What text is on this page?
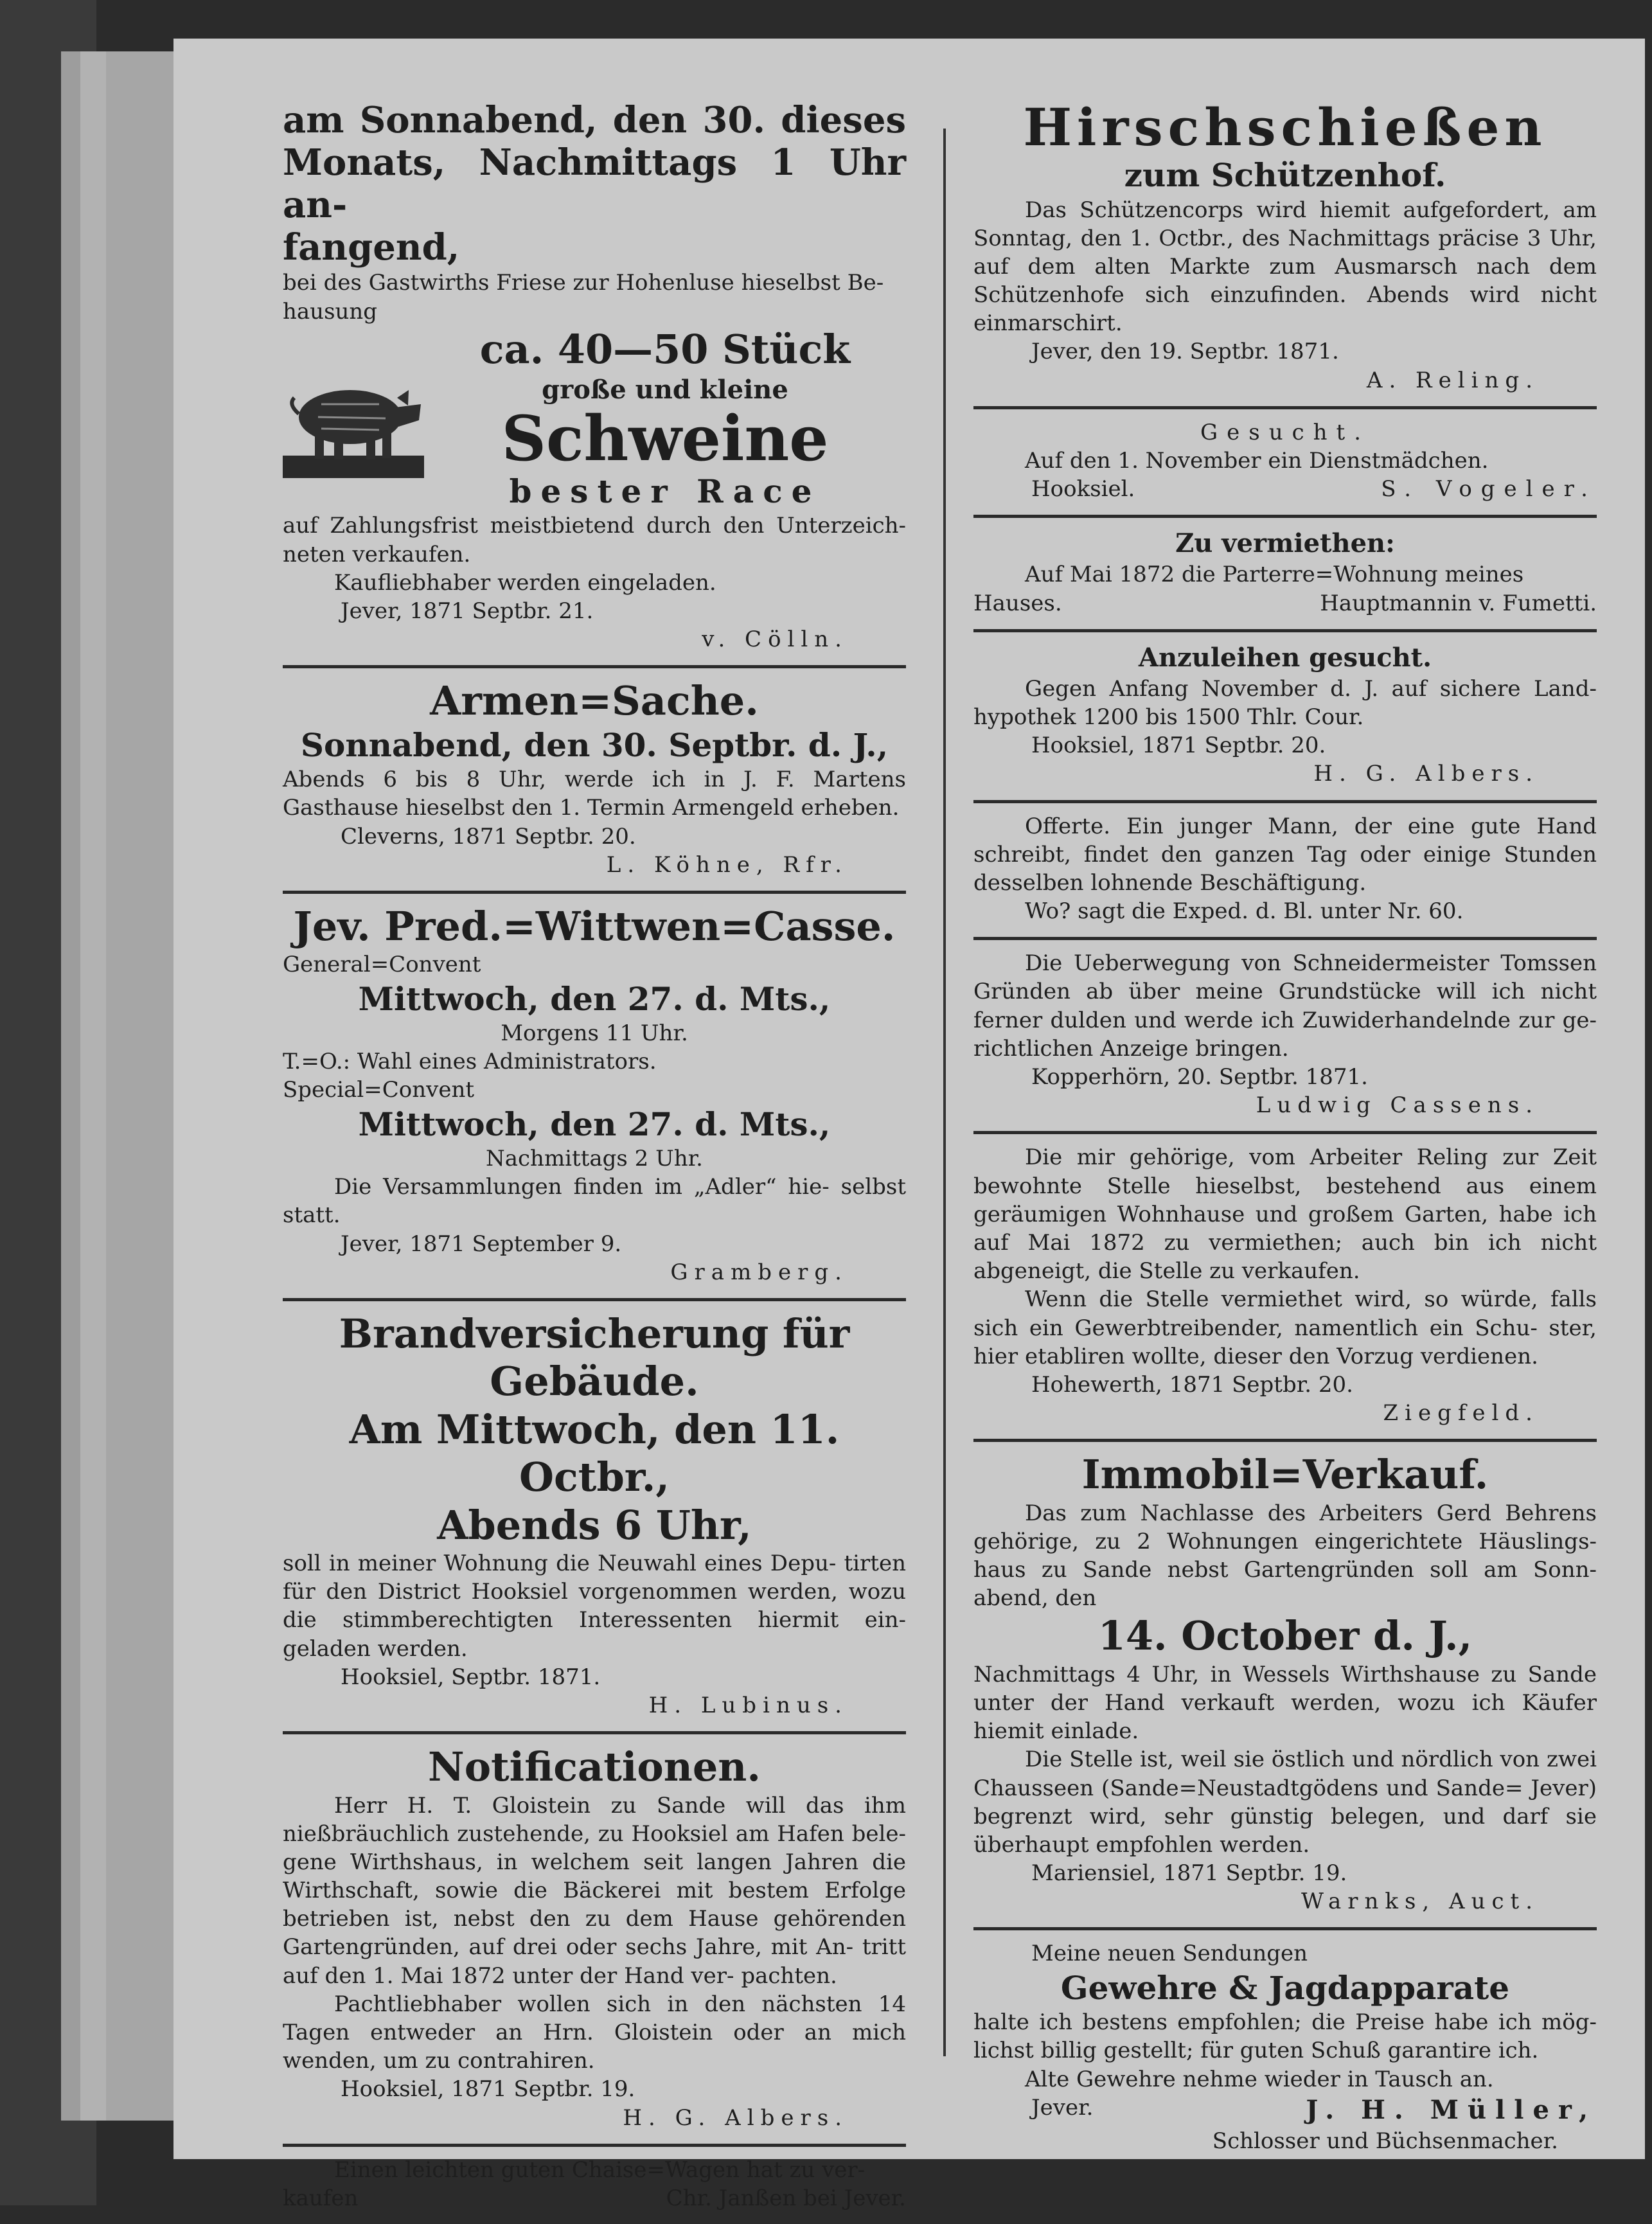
am Sonnabend, den 30. dieses Monats, Nachmittags 1 Uhr an-
fangend,

bei des Gastwirths Friese zur Hohenluse hieselbst Be-

hausung

ca. 40—50 Stück
große und kleine
Schweine
bester Race

auf Zahlungsfrist meistbietend durch den Unterzeich- neten verkaufen.

Kaufliebhaber werden eingeladen.

Jever, 1871 Septbr. 21.

v. Cölln.

Armen=Sache.
Sonnabend, den 30. Septbr. d. J.,

Abends 6 bis 8 Uhr, werde ich in J. F. Martens Gasthause hieselbst den 1. Termin Armengeld erheben.

Cleverns, 1871 Septbr. 20.

L. Köhne, Rfr.

Jev. Pred.=Wittwen=Casse.

General=Convent

Mittwoch, den 27. d. Mts.,

Morgens 11 Uhr.

T.=O.: Wahl eines Administrators.

Special=Convent

Mittwoch, den 27. d. Mts.,

Nachmittags 2 Uhr.

Die Versammlungen finden im „Adler“ hie- selbst statt.

Jever, 1871 September 9.

Gramberg.

Brandversicherung für Gebäude.
Am Mittwoch, den 11. Octbr.,
Abends 6 Uhr,

soll in meiner Wohnung die Neuwahl eines Depu- tirten für den District Hooksiel vorgenommen werden, wozu die stimmberechtigten Interessenten hiermit ein- geladen werden.

Hooksiel, Septbr. 1871.

H. Lubinus.

Notificationen.

Herr H. T. Gloistein zu Sande will das ihm nießbräuchlich zustehende, zu Hooksiel am Hafen bele- gene Wirthshaus, in welchem seit langen Jahren die Wirthschaft, sowie die Bäckerei mit bestem Erfolge betrieben ist, nebst den zu dem Hause gehörenden Gartengründen, auf drei oder sechs Jahre, mit An- tritt auf den 1. Mai 1872 unter der Hand ver- pachten.

Pachtliebhaber wollen sich in den nächsten 14 Tagen entweder an Hrn. Gloistein oder an mich wenden, um zu contrahiren.

Hooksiel, 1871 Septbr. 19.

H. G. Albers.

Einen leichten guten Chaise=Wagen hat zu ver-

kaufen	Chr. Janßen bei Jever.
Hirschschießen
zum Schützenhof.

Das Schützencorps wird hiemit aufgefordert, am Sonntag, den 1. Octbr., des Nachmittags präcise 3 Uhr, auf dem alten Markte zum Ausmarsch nach dem Schützenhofe sich einzufinden. Abends wird nicht einmarschirt.

Jever, den 19. Septbr. 1871.

A. Reling.

Gesucht.

Auf den 1. November ein Dienstmädchen.

Hooksiel.	S. Vogeler.
Zu vermiethen:

Auf Mai 1872 die Parterre=Wohnung meines

Hauses.	Hauptmannin v. Fumetti.
Anzuleihen gesucht.

Gegen Anfang November d. J. auf sichere Land- hypothek 1200 bis 1500 Thlr. Cour.

Hooksiel, 1871 Septbr. 20.

H. G. Albers.

Offerte. Ein junger Mann, der eine gute Hand schreibt, findet den ganzen Tag oder einige Stunden desselben lohnende Beschäftigung.

Wo? sagt die Exped. d. Bl. unter Nr. 60.

Die Ueberwegung von Schneidermeister Tomssen Gründen ab über meine Grundstücke will ich nicht ferner dulden und werde ich Zuwiderhandelnde zur ge- richtlichen Anzeige bringen.

Kopperhörn, 20. Septbr. 1871.

Ludwig Cassens.

Die mir gehörige, vom Arbeiter Reling zur Zeit bewohnte Stelle hieselbst, bestehend aus einem geräumigen Wohnhause und großem Garten, habe ich auf Mai 1872 zu vermiethen; auch bin ich nicht abgeneigt, die Stelle zu verkaufen.

Wenn die Stelle vermiethet wird, so würde, falls sich ein Gewerbtreibender, namentlich ein Schu- ster, hier etabliren wollte, dieser den Vorzug verdienen.

Hohewerth, 1871 Septbr. 20.

Ziegfeld.

Immobil=Verkauf.

Das zum Nachlasse des Arbeiters Gerd Behrens gehörige, zu 2 Wohnungen eingerichtete Häuslings- haus zu Sande nebst Gartengründen soll am Sonn- abend, den

14. October d. J.,

Nachmittags 4 Uhr, in Wessels Wirthshause zu Sande unter der Hand verkauft werden, wozu ich Käufer hiemit einlade.

Die Stelle ist, weil sie östlich und nördlich von zwei Chausseen (Sande=Neustadtgödens und Sande= Jever) begrenzt wird, sehr günstig belegen, und darf sie überhaupt empfohlen werden.

Mariensiel, 1871 Septbr. 19.

Warnks, Auct.

Meine neuen Sendungen

Gewehre & Jagdapparate

halte ich bestens empfohlen; die Preise habe ich mög- lichst billig gestellt; für guten Schuß garantire ich.

Alte Gewehre nehme wieder in Tausch an.

Jever.	J. H. Müller,

Schlosser und Büchsenmacher.
